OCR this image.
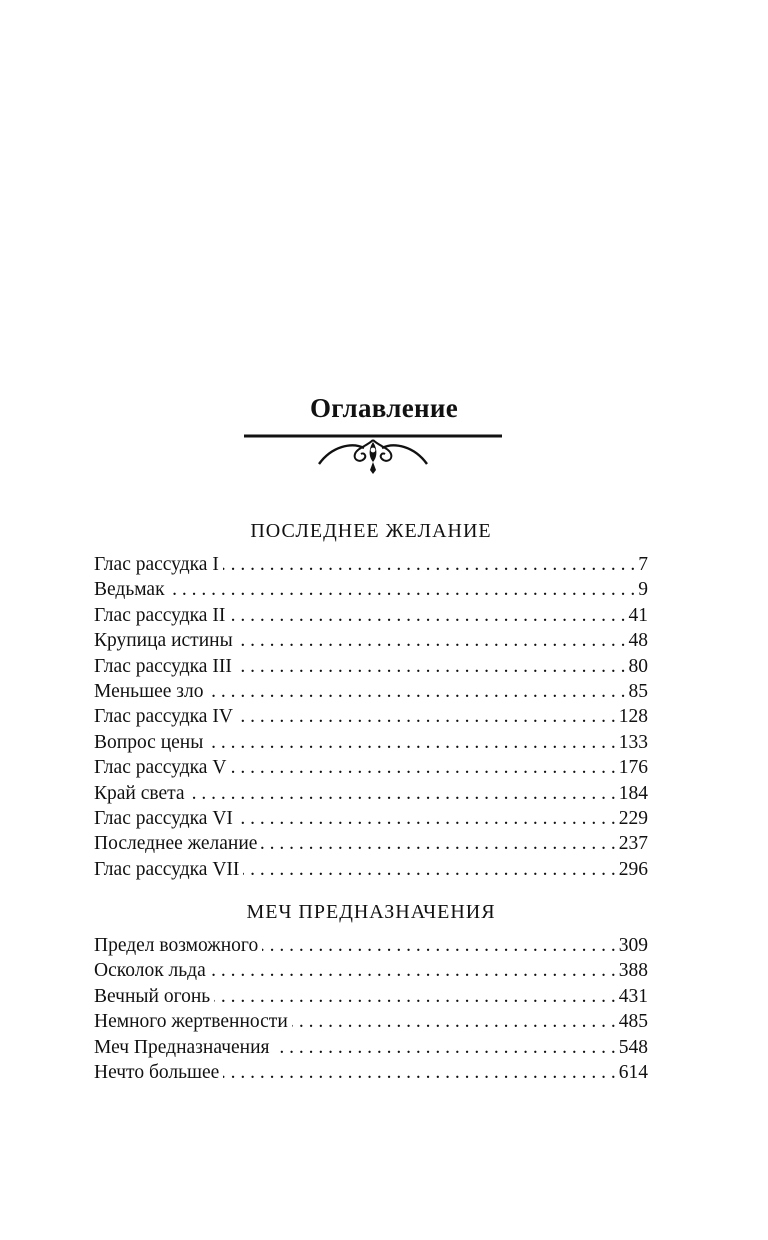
Оглавление
ПОСЛЕДНЕЕ ЖЕЛАНИЕ
Глас рассудка I . . .	7
Ведьмак . . .	9
Глас рассудка II . . .	41
Крупица истины . . .	48
Глас рассудка III . . .	80
Меньшее зло . . .	85
Глас рассудка IV . . .	128
Вопрос цены . . .	133
Глас рассудка V . . .	176
Край света . . .	184
Глас рассудка VI . . .	229
Последнее желание . . .	237
Глас рассудка VII . . .	296
МЕЧ ПРЕДНАЗНАЧЕНИЯ
Предел возможного . . .	309
Осколок льда . . .	388
Вечный огонь . . .	431
Немного жертвенности . . .	485
Меч Предназначения . . .	548
Нечто большее . . .	614
